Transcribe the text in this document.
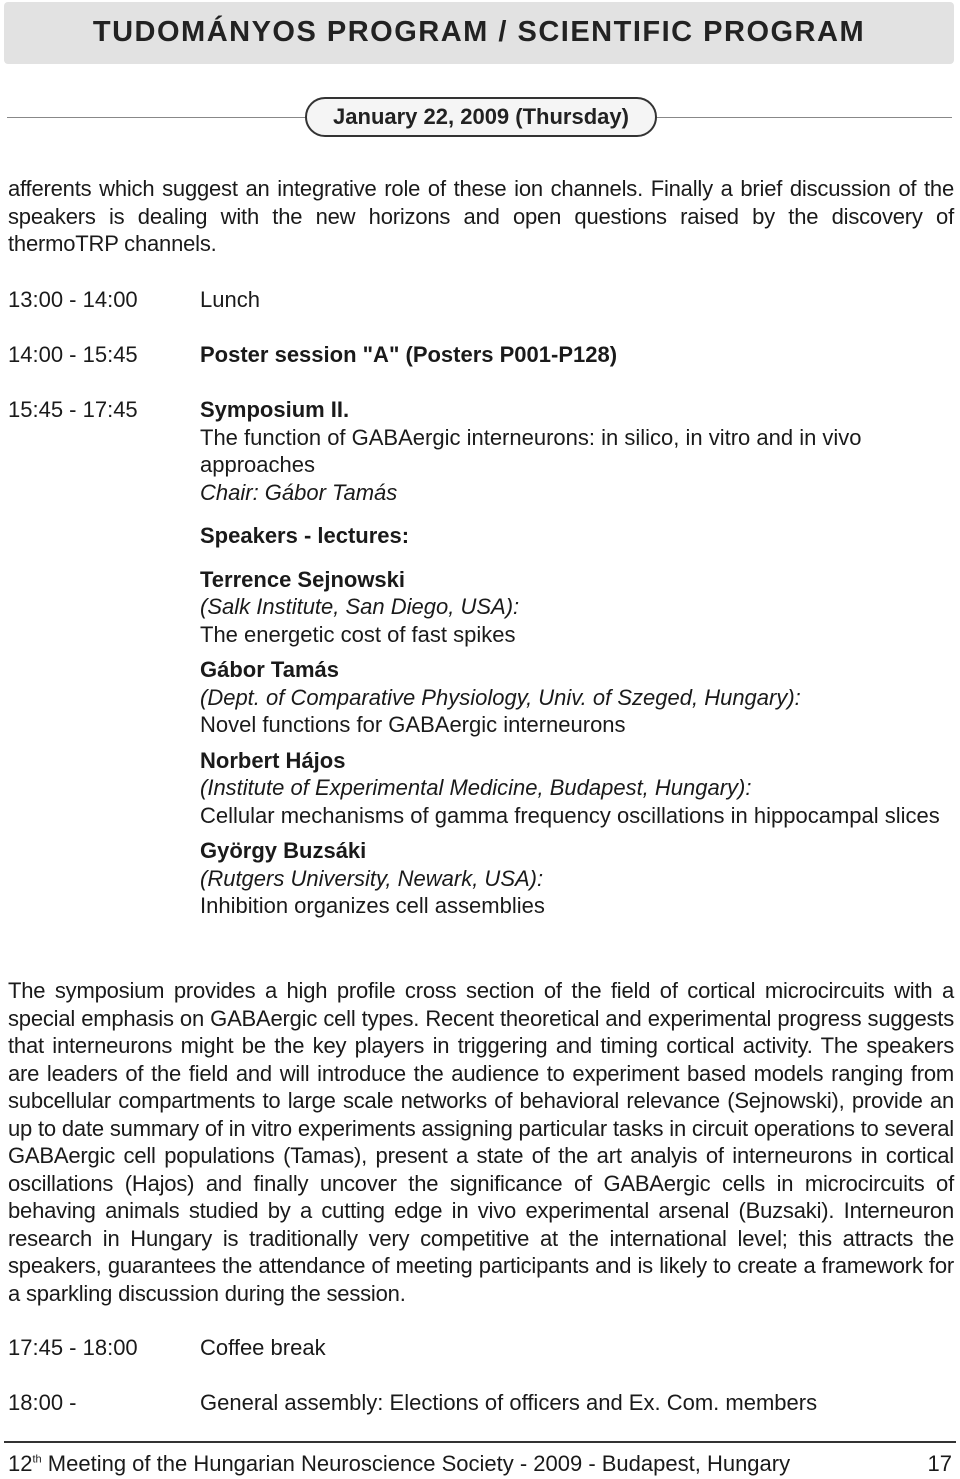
TUDOMÁNYOS PROGRAM / SCIENTIFIC PROGRAM
January 22, 2009 (Thursday)

afferents which suggest an integrative role of these ion channels. Finally a brief discussion of the speakers is dealing with the new horizons and open questions raised by the discovery of thermoTRP channels.

13:00 - 14:00	Lunch
14:00 - 15:45	Poster session "A" (Posters P001-P128)
15:45 - 17:45	Symposium II.
The function of GABAergic interneurons: in silico, in vitro and in vivo approaches
Chair: Gábor Tamás
Speakers - lectures:
Terrence Sejnowski
(Salk Institute, San Diego, USA):
The energetic cost of fast spikes
Gábor Tamás
(Dept. of Comparative Physiology, Univ. of Szeged, Hungary):
Novel functions for GABAergic interneurons
Norbert Hájos
(Institute of Experimental Medicine, Budapest, Hungary):
Cellular mechanisms of gamma frequency oscillations in hippocampal slices
György Buzsáki
(Rutgers University, Newark, USA):
Inhibition organizes cell assemblies

The symposium provides a high profile cross section of the field of cortical microcircuits with a special emphasis on GABAergic cell types. Recent theoretical and experimental progress suggests that interneurons might be the key players in triggering and timing cortical activity. The speakers are leaders of the field and will introduce the audience to experiment based models ranging from subcellular compartments to large scale networks of behavioral relevance (Sejnowski), provide an up to date summary of in vitro experiments assigning particular tasks in circuit operations to several GABAergic cell populations (Tamas), present a state of the art analyis of interneurons in cortical oscillations (Hajos) and finally uncover the significance of GABAergic cells in microcircuits of behaving animals studied by a cutting edge in vivo experimental arsenal (Buzsaki). Interneuron research in Hungary is traditionally very competitive at the international level; this attracts the speakers, guarantees the attendance of meeting participants and is likely to create a framework for a sparkling discussion during the session.

17:45 - 18:00	Coffee break
18:00 -	General assembly: Elections of officers and Ex. Com. members
12th Meeting of the Hungarian Neuroscience Society - 2009 - Budapest, Hungary	17
